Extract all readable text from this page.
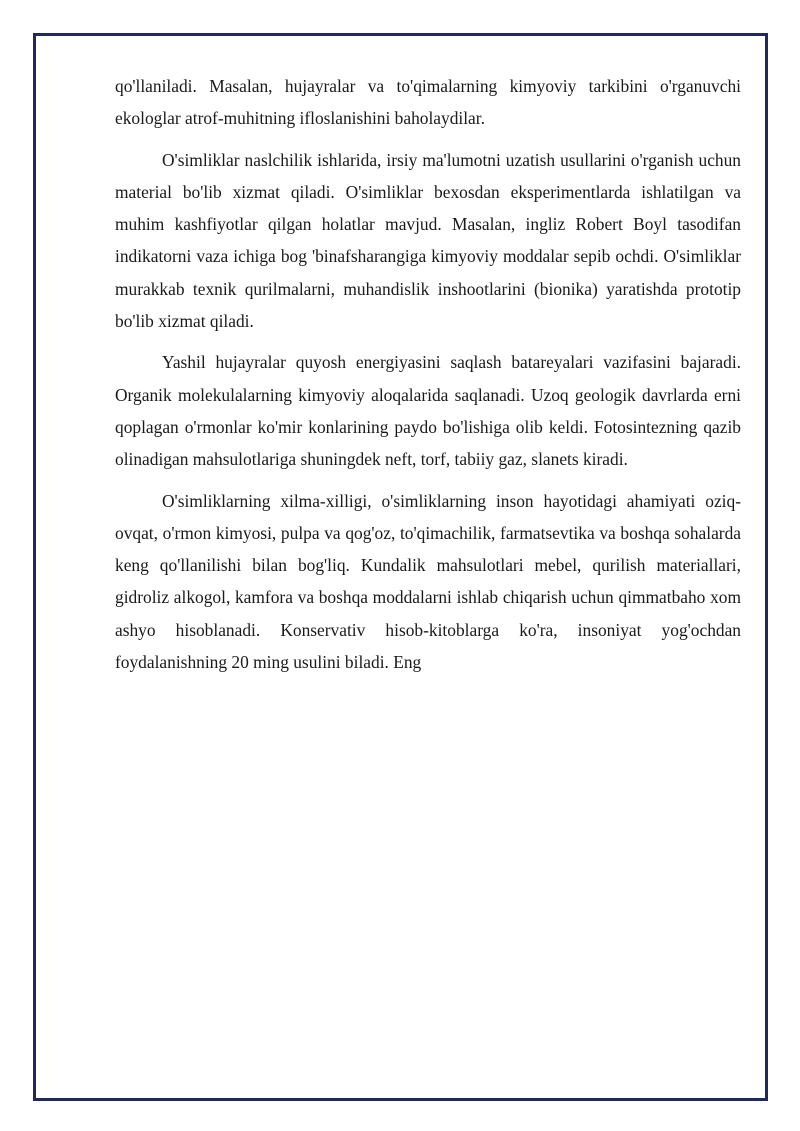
qo'llaniladi. Masalan, hujayralar va to'qimalarning kimyoviy tarkibini o'rganuvchi ekologlar atrof-muhitning ifloslanishini baholaydilar.

O'simliklar naslchilik ishlarida, irsiy ma'lumotni uzatish usullarini o'rganish uchun material bo'lib xizmat qiladi. O'simliklar bexosdan eksperimentlarda ishlatilgan va muhim kashfiyotlar qilgan holatlar mavjud. Masalan, ingliz Robert Boyl tasodifan indikatorni vaza ichiga bog 'binafsharangiga kimyoviy moddalar sepib ochdi. O'simliklar murakkab texnik qurilmalarni, muhandislik inshootlarini (bionika) yaratishda prototip bo'lib xizmat qiladi.

Yashil hujayralar quyosh energiyasini saqlash batareyalari vazifasini bajaradi. Organik molekulalarning kimyoviy aloqalarida saqlanadi. Uzoq geologik davrlarda erni qoplagan o'rmonlar ko'mir konlarining paydo bo'lishiga olib keldi. Fotosintezning qazib olinadigan mahsulotlariga shuningdek neft, torf, tabiiy gaz, slanets kiradi.

O'simliklarning xilma-xilligi, o'simliklarning inson hayotidagi ahamiyati oziq-ovqat, o'rmon kimyosi, pulpa va qog'oz, to'qimachilik, farmatsevtika va boshqa sohalarda keng qo'llanilishi bilan bog'liq. Kundalik mahsulotlari mebel, qurilish materiallari, gidroliz alkogol, kamfora va boshqa moddalarni ishlab chiqarish uchun qimmatbaho xom ashyo hisoblanadi. Konservativ hisob-kitoblarga ko'ra, insoniyat yog'ochdan foydalanishning 20 ming usulini biladi. Eng
